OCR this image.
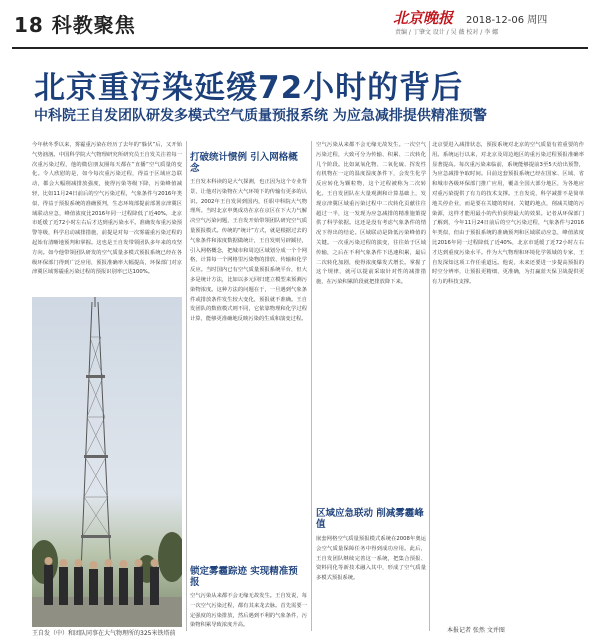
18 科教聚焦	北京晚报 2018-12-06 周四
责编 / 丁肇文 设计 / 吴 薇 校对 / 李 娜
北京重污染延缓72小时的背后
中科院王自发团队研发多模式空气质量预报系统 为应急减排提供精准预警

今年秋冬季以来，雾霾重污染在经历了去年的“躲伏”后，又开始气势汹汹。中国科学院大气物理研究所研究员王自发关注着每一次重污染过程，他的微信朋友圈每天都在“直播”空气质量的变化。令人欣慰的是，如今每次重污染过程，得益于区域应急联动，都会大幅削减排放强度，使得污染等级下降，污染峰值减轻，比如11月24日前后的空气污染过程，气象条件与2016年类似，得益于预报系统的准确预判，生态环境部提前部署京津冀区域联动应急，峰值浓度比2016年同一过程降低了近40%，北京市延缓了近72小时左右后才达到重污染水平。准确发布重污染预警等级，科学启动减排措施，前提是对每一次雾霾重污染过程的起始有清晰地预判和掌握。这也是王自发带领团队多年来的攻坚方向。如今他带领团队研发的空气质量多模式预报系统已经在各级环保部门得到广泛应用，预报准确率大幅提高，环保部门对京津冀区域雾霾重污染过程的预报识别率已达100%。

王自发（中）和团队同事在大气物理所的325米铁塔前
打破统计惯例 引入网格概念

王自发本科读的是大气探测，也正因为这个专业背景，让他对污染物在大气环境下的传输有更多的认识。2002年王自发回到国内，任职中科院大气物理所。当时北京申奥成功在京在京区在下大力气解决空气污染问题，王自发开始带领团队研究空气质量预报模式。传统的“统计”方式，就是根据过去的气象条件和浓度数据做统计，王自发则另辟蹊径，引入网格概念，把城市和周边区域划分成一个个网格，计算每一个网格里污染物的排放、传输和化学反应。当时国内已有空气质量预报系统平台，但大多是统计方法，比如以多元回归建立模型来预测污染物浓度。这种方法的问题在于，一旦遇到气象条件或排放条件发生较大变化，预报就不准确。王自发团队的数值模式则不同，它依靠物理和化学过程计算，能够更准确地反映污染的生成和演变过程。

锁定雾霾踪迹 实现精准预报

空气污染从来都不会无缘无故发生。王自发说，每一次空气污染过程，都有其来龙去脉。首先需要一定强度的污染排放，然后遇到不利的气象条件，污染物积累导致浓度升高。

空气污染从来都不会无缘无故发生。一次空气污染过程，大致可分为传输、积累、二次转化几个阶段。比如氮氧化物、二氧化硫、挥发性有机物在一定的温度湿度条件下，会发生化学反应转化为颗粒物，这个过程被称为二次转化。王自发团队在大量观测和计算基础上，发现京津冀区域重污染过程中二次转化贡献往往超过一半，这一发现为应急减排的精准施策提供了科学依据。这还是没有考虑气象条件的情况下得出的结论。区域联动是降低污染峰值的关键。一次重污染过程的演变，往往始于区域传输，之后在不利气象条件下迅速积累，最后二次转化加剧，使得浓度爆发式增长。掌握了这个规律，就可以提前采取针对性的减排措施，在污染积累阶段就把排放降下来。

区域应急联动 削减雾霾峰值

嵌套网格空气质量预报模式系统在2008年奥运会空气质量保障任务中得到成功应用。此后，王自发团队继续完善这一系统，把集合预报、资料同化等新技术融入其中，形成了空气质量多模式预报系统。

北京要进入减排状态，预报系统对北京的空气质量有着重要的作用。系统运行以来，对北京及周边地区的重污染过程预报准确率显著提高。每次重污染来临前，系统能够提前3至5天给出预警，为应急减排争取时间。目前这套预报系统已经在国家、区域、省和城市各级环保部门推广应用，覆盖全国大部分地区，为各地应对重污染提供了有力的技术支撑。王自发说，科学减排不是简单地关停企业，而是要在关键的时间、关键的地点，削减关键的污染源，这样才能用最小的代价获得最大的效果。记者从环保部门了解到，今年11月24日前后的空气污染过程，气象条件与2016年类似，但由于预报系统的准确预判和区域联动应急，峰值浓度比2016年同一过程降低了近40%，北京市延缓了近72小时左右才达到重度污染水平。作为大气物理和环境化学领域的专家，王自发深知这项工作任重道远。他说，未来还要进一步提高预报的时空分辨率，让预报更精细、更准确，为打赢蓝天保卫战提供更有力的科技支撑。

本报记者 张然 文并图
